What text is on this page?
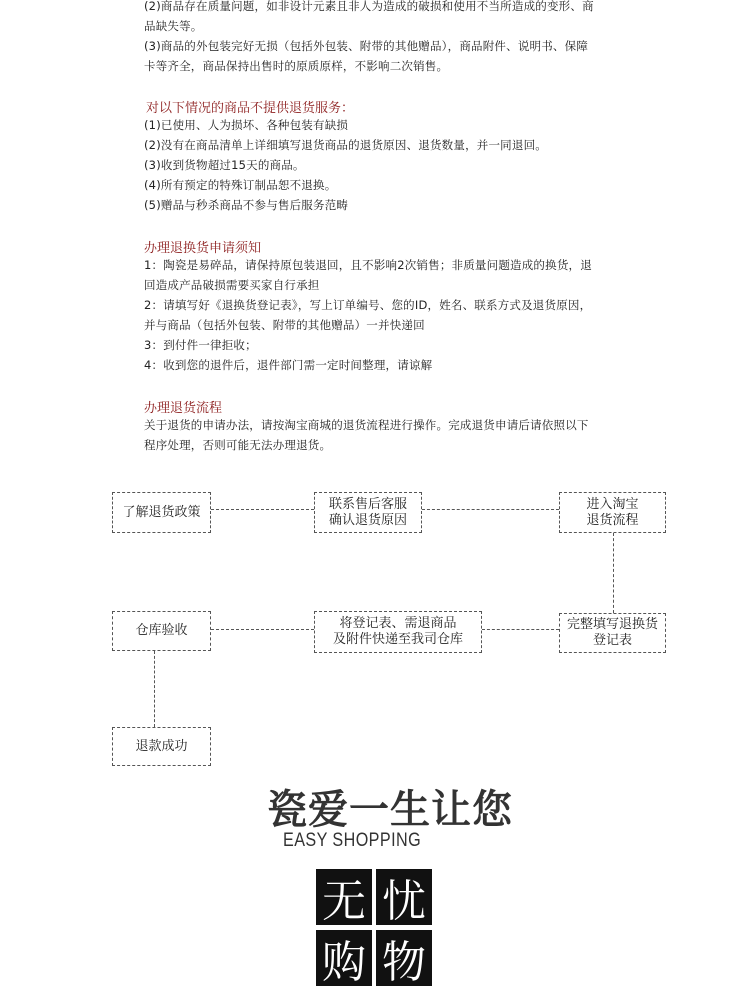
(2)商品存在质量问题，如非设计元素且非人为造成的破损和使用不当所造成的变形、商
品缺失等。
(3)商品的外包装完好无损（包括外包装、附带的其他赠品），商品附件、说明书、保障
卡等齐全，商品保持出售时的原质原样，不影响二次销售。
对以下情况的商品不提供退货服务：
(1)已使用、人为损坏、各种包装有缺损
(2)没有在商品清单上详细填写退货商品的退货原因、退货数量，并一同退回。
(3)收到货物超过15天的商品。
(4)所有预定的特殊订制品恕不退换。
(5)赠品与秒杀商品不参与售后服务范畴
办理退换货申请须知
1：陶瓷是易碎品，请保持原包装退回，且不影响2次销售；非质量问题造成的换货，退
回造成产品破损需要买家自行承担
2：请填写好《退换货登记表》，写上订单编号、您的ID，姓名、联系方式及退货原因，
并与商品（包括外包装、附带的其他赠品）一并快递回
3：到付件一律拒收；
4：收到您的退件后，退件部门需一定时间整理，请谅解
办理退货流程
关于退货的申请办法，请按淘宝商城的退货流程进行操作。完成退货申请后请依照以下
程序处理，否则可能无法办理退货。
了解退货政策
联系售后客服
确认退货原因
进入淘宝
退货流程
完整填写退换货
登记表
将登记表、需退商品
及附件快递至我司仓库
仓库验收
退款成功
瓷爱一生让您
EASY SHOPPING
无 忧
购 物
